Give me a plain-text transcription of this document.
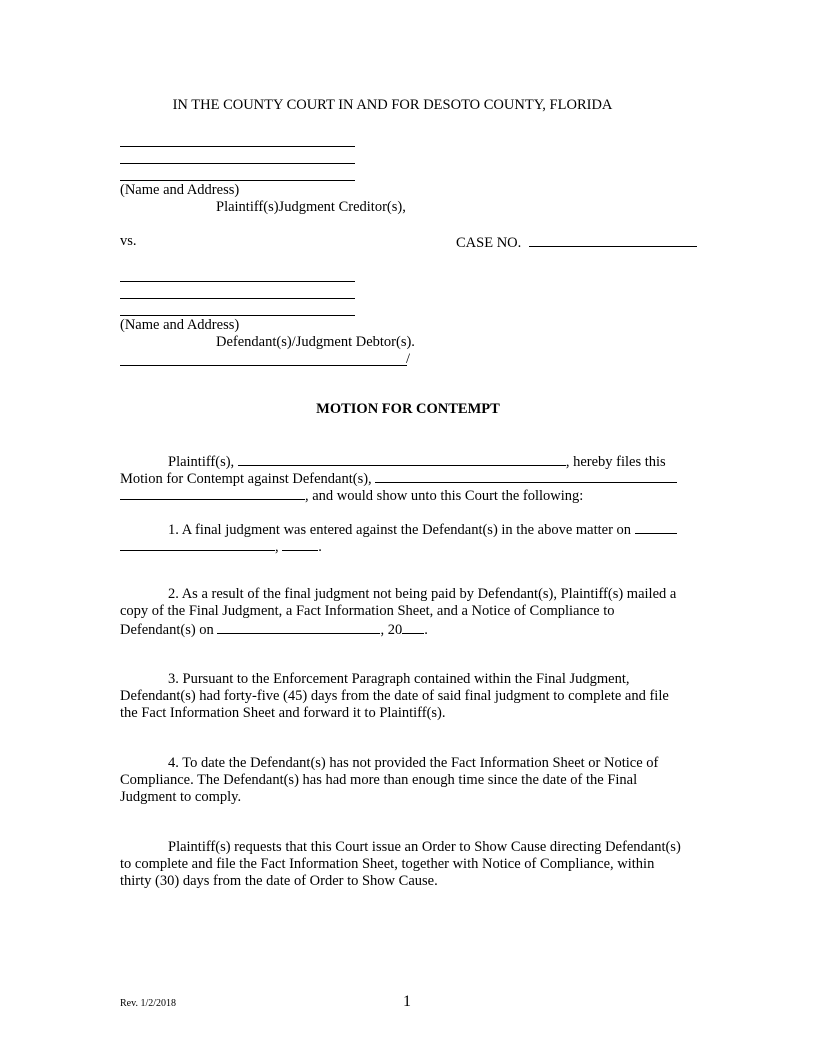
IN THE COUNTY COURT IN AND FOR DESOTO COUNTY, FLORIDA
(Name and Address)
Plaintiff(s)Judgment Creditor(s),
vs.	CASE NO.
(Name and Address)
Defendant(s)/Judgment Debtor(s).
/
MOTION FOR CONTEMPT
Plaintiff(s),	, hereby files this
Motion for Contempt against Defendant(s),
, and would show unto this Court the following:
1. A final judgment was entered against the Defendant(s) in the above matter on
,	.
2. As a result of the final judgment not being paid by Defendant(s), Plaintiff(s) mailed a
copy of the Final Judgment, a Fact Information Sheet, and a Notice of Compliance to
Defendant(s) on	, 20 .
3. Pursuant to the Enforcement Paragraph contained within the Final Judgment,
Defendant(s) had forty-five (45) days from the date of said final judgment to complete and file
the Fact Information Sheet and forward it to Plaintiff(s).
4. To date the Defendant(s) has not provided the Fact Information Sheet or Notice of
Compliance. The Defendant(s) has had more than enough time since the date of the Final
Judgment to comply.
Plaintiff(s) requests that this Court issue an Order to Show Cause directing Defendant(s)
to complete and file the Fact Information Sheet, together with Notice of Compliance, within
thirty (30) days from the date of Order to Show Cause.
Rev. 1/2/2018	1
